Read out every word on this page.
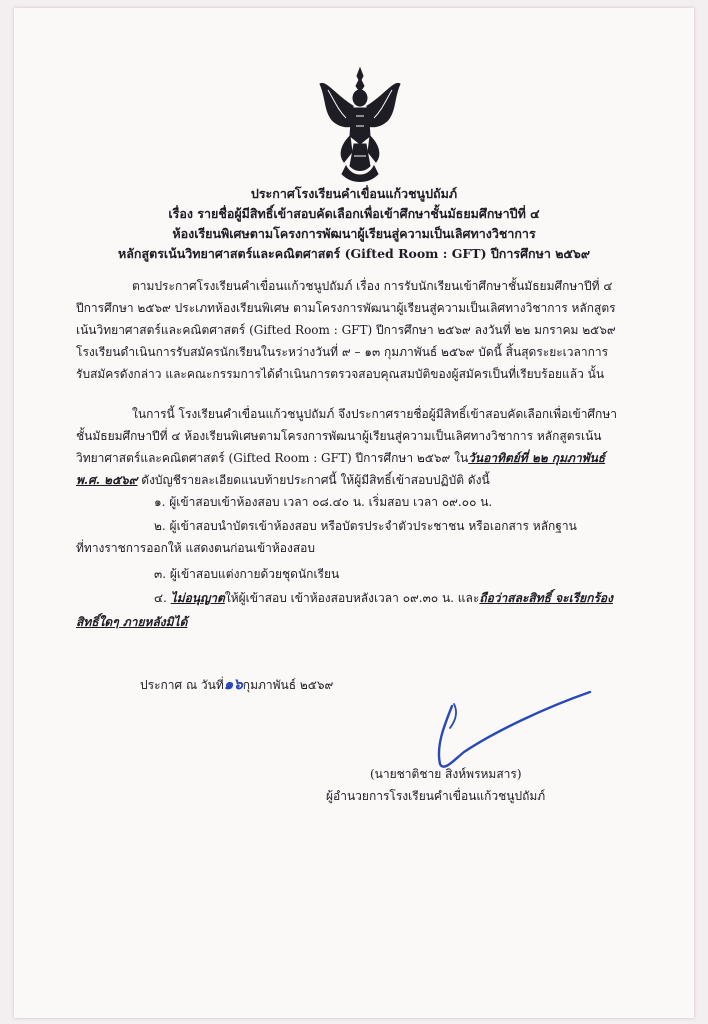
ประกาศโรงเรียนคำเขื่อนแก้วชนูปถัมภ์
เรื่อง รายชื่อผู้มีสิทธิ์เข้าสอบคัดเลือกเพื่อเข้าศึกษาชั้นมัธยมศึกษาปีที่ ๔
ห้องเรียนพิเศษตามโครงการพัฒนาผู้เรียนสู่ความเป็นเลิศทางวิชาการ
หลักสูตรเน้นวิทยาศาสตร์และคณิตศาสตร์ (Gifted Room : GFT) ปีการศึกษา ๒๕๖๙
ตามประกาศโรงเรียนคำเขื่อนแก้วชนูปถัมภ์ เรื่อง การรับนักเรียนเข้าศึกษาชั้นมัธยมศึกษาปีที่ ๔
ปีการศึกษา ๒๕๖๙ ประเภทห้องเรียนพิเศษ ตามโครงการพัฒนาผู้เรียนสู่ความเป็นเลิศทางวิชาการ หลักสูตร
เน้นวิทยาศาสตร์และคณิตศาสตร์ (Gifted Room : GFT) ปีการศึกษา ๒๕๖๙ ลงวันที่ ๒๒ มกราคม ๒๕๖๙
โรงเรียนดำเนินการรับสมัครนักเรียนในระหว่างวันที่ ๙ – ๑๓ กุมภาพันธ์ ๒๕๖๙ บัดนี้ สิ้นสุดระยะเวลาการ
รับสมัครดังกล่าว และคณะกรรมการได้ดำเนินการตรวจสอบคุณสมบัติของผู้สมัครเป็นที่เรียบร้อยแล้ว นั้น
ในการนี้ โรงเรียนคำเขื่อนแก้วชนูปถัมภ์ จึงประกาศรายชื่อผู้มีสิทธิ์เข้าสอบคัดเลือกเพื่อเข้าศึกษา
ชั้นมัธยมศึกษาปีที่ ๔ ห้องเรียนพิเศษตามโครงการพัฒนาผู้เรียนสู่ความเป็นเลิศทางวิชาการ หลักสูตรเน้น
วิทยาศาสตร์และคณิตศาสตร์ (Gifted Room : GFT) ปีการศึกษา ๒๕๖๙ ในวันอาทิตย์ที่ ๒๒ กุมภาพันธ์
พ.ศ. ๒๕๖๙ ดังบัญชีรายละเอียดแนบท้ายประกาศนี้ ให้ผู้มีสิทธิ์เข้าสอบปฏิบัติ ดังนี้
๑. ผู้เข้าสอบเข้าห้องสอบ เวลา ๐๘.๔๐ น. เริ่มสอบ เวลา ๐๙.๐๐ น.
๒. ผู้เข้าสอบนำบัตรเข้าห้องสอบ หรือบัตรประจำตัวประชาชน หรือเอกสาร หลักฐาน
ที่ทางราชการออกให้ แสดงตนก่อนเข้าห้องสอบ
๓. ผู้เข้าสอบแต่งกายด้วยชุดนักเรียน
๔. ไม่อนุญาตให้ผู้เข้าสอบ เข้าห้องสอบหลังเวลา ๐๙.๓๐ น. และถือว่าสละสิทธิ์ จะเรียกร้อง
สิทธิ์ใดๆ ภายหลังมิได้
ประกาศ ณ วันที่๑๖กุมภาพันธ์ ๒๕๖๙
(นายชาติชาย สิงห์พรหมสาร)
ผู้อำนวยการโรงเรียนคำเขื่อนแก้วชนูปถัมภ์
